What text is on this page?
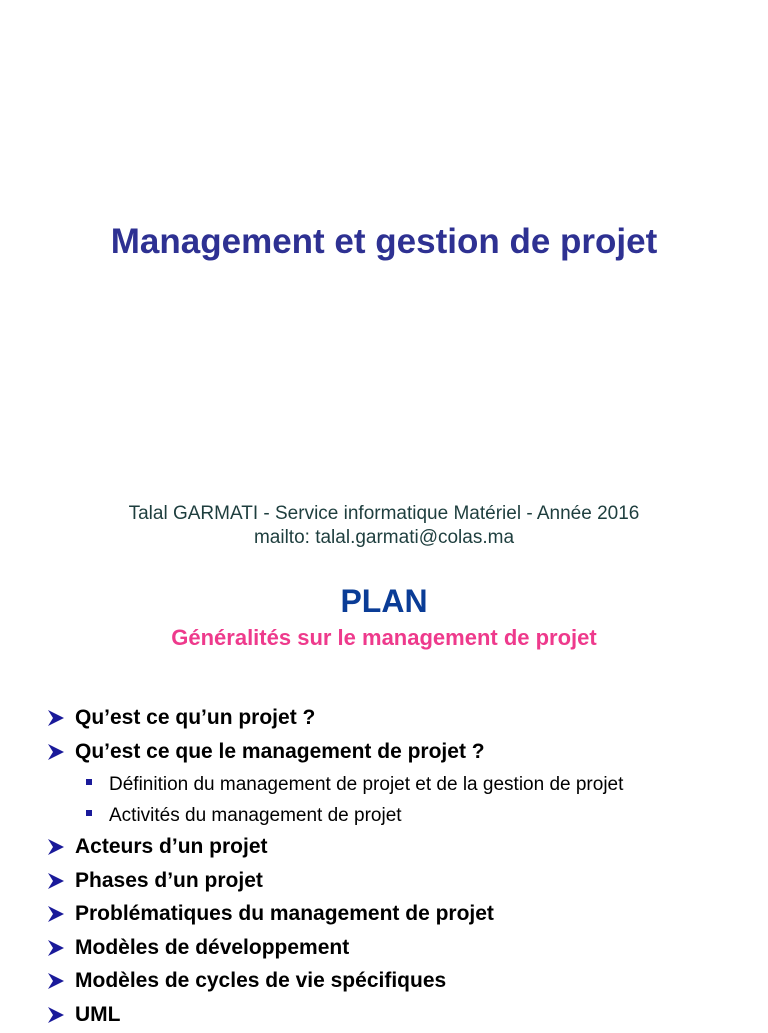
Management et gestion de projet
Talal GARMATI - Service informatique Matériel - Année 2016
mailto: talal.garmati@colas.ma
PLAN
Généralités sur le management de projet
Qu’est ce qu’un projet ?
Qu’est ce que le management de projet ?
Définition du management de projet et de la gestion de projet
Activités du management de projet
Acteurs d’un projet
Phases d’un projet
Problématiques du management de projet
Modèles de développement
Modèles de cycles de vie spécifiques
UML
